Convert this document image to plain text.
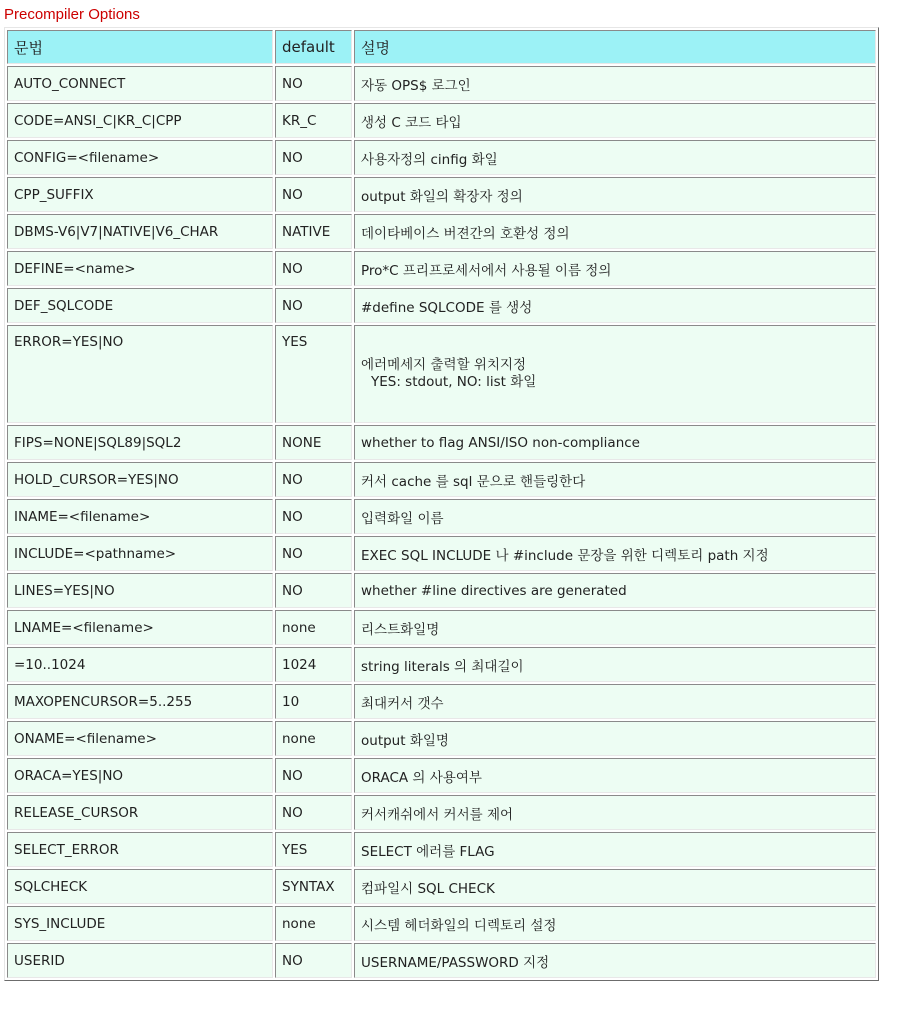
Precompiler Options
문법	default	설명
AUTO_CONNECT	NO	자동 OPS$ 로그인
CODE=ANSI_C|KR_C|CPP	KR_C	생성 C 코드 타입
CONFIG=<filename>	NO	사용자정의 cinfig 화일
CPP_SUFFIX	NO	output 화일의 확장자 정의
DBMS-V6|V7|NATIVE|V6_CHAR	NATIVE	데이타베이스 버젼간의 호환성 정의
DEFINE=<name>	NO	Pro*C 프리프로세서에서 사용될 이름 정의
DEF_SQLCODE	NO	#define SQLCODE 를 생성
ERROR=YES|NO	YES	에러메세지 출력할 위치지정
YES: stdout, NO: list 화일

FIPS=NONE|SQL89|SQL2	NONE	whether to flag ANSI/ISO non-compliance
HOLD_CURSOR=YES|NO	NO	커서 cache 를 sql 문으로 핸들링한다
INAME=<filename>	NO	입력화일 이름
INCLUDE=<pathname>	NO	EXEC SQL INCLUDE 나 #include 문장을 위한 디렉토리 path 지정
LINES=YES|NO	NO	whether #line directives are generated
LNAME=<filename>	none	리스트화일명
=10..1024	1024	string literals 의 최대길이
MAXOPENCURSOR=5..255	10	최대커서 갯수
ONAME=<filename>	none	output 화일명
ORACA=YES|NO	NO	ORACA 의 사용여부
RELEASE_CURSOR	NO	커서캐쉬에서 커서를 제어
SELECT_ERROR	YES	SELECT 에러를 FLAG
SQLCHECK	SYNTAX	컴파일시 SQL CHECK
SYS_INCLUDE	none	시스템 헤더화일의 디렉토리 설정
USERID	NO	USERNAME/PASSWORD 지정
